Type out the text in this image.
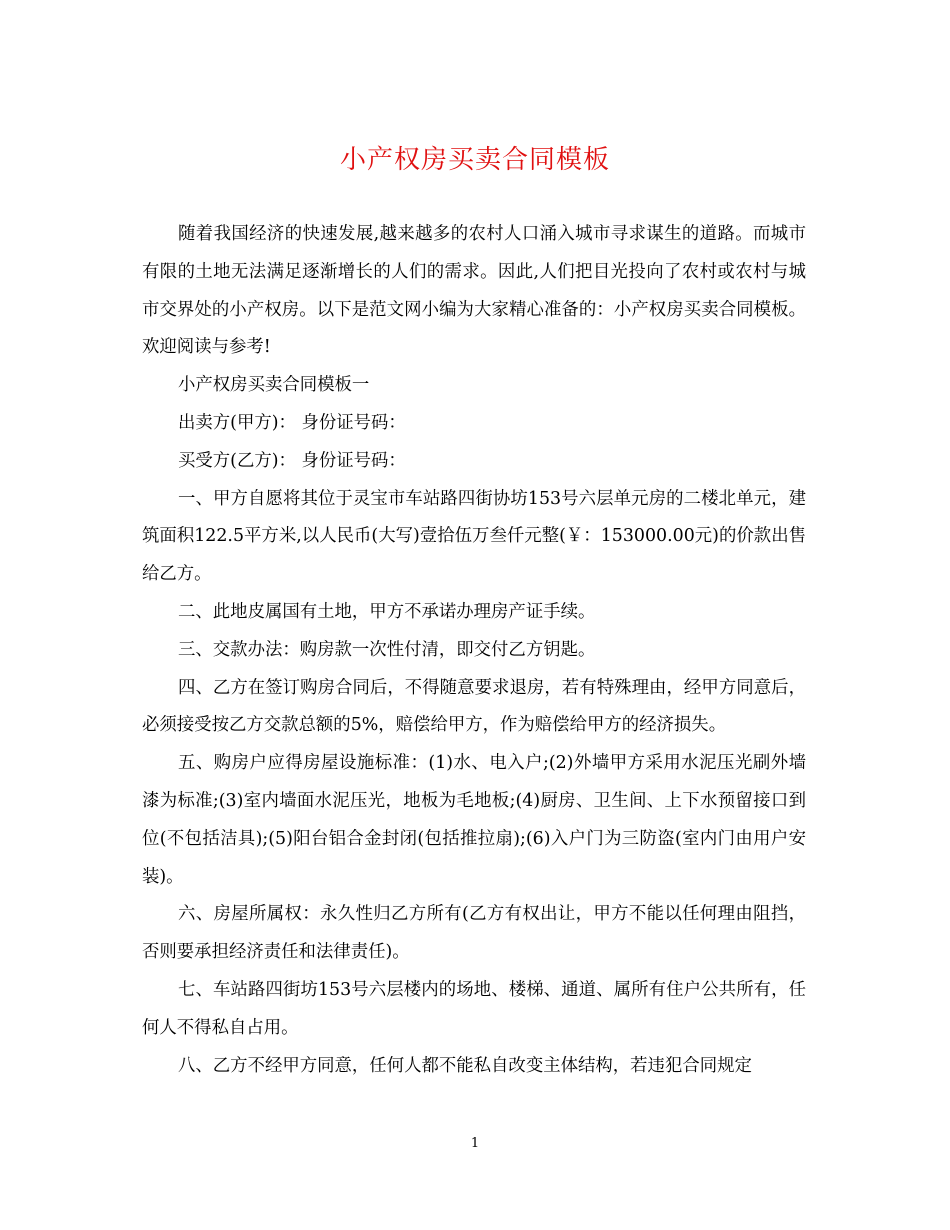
小产权房买卖合同模板

随着我国经济的快速发展,越来越多的农村人口涌入城市寻求谋生的道路。而城市有限的土地无法满足逐渐增长的人们的需求。因此,人们把目光投向了农村或农村与城市交界处的小产权房。以下是范文网小编为大家精心准备的：小产权房买卖合同模板。欢迎阅读与参考!

小产权房买卖合同模板一

出卖方(甲方)： 身份证号码：

买受方(乙方)： 身份证号码：

一、甲方自愿将其位于灵宝市车站路四街协坊153号六层单元房的二楼北单元，建筑面积122.5平方米,以人民币(大写)壹拾伍万叁仟元整(￥：153000.00元)的价款出售给乙方。

二、此地皮属国有土地，甲方不承诺办理房产证手续。

三、交款办法：购房款一次性付清，即交付乙方钥匙。

四、乙方在签订购房合同后，不得随意要求退房，若有特殊理由，经甲方同意后，必须接受按乙方交款总额的5%，赔偿给甲方，作为赔偿给甲方的经济损失。

五、购房户应得房屋设施标准：(1)水、电入户;(2)外墙甲方采用水泥压光刷外墙漆为标准;(3)室内墙面水泥压光，地板为毛地板;(4)厨房、卫生间、上下水预留接口到位(不包括洁具);(5)阳台铝合金封闭(包括推拉扇);(6)入户门为三防盗(室内门由用户安装)。

六、房屋所属权：永久性归乙方所有(乙方有权出让，甲方不能以任何理由阻挡，否则要承担经济责任和法律责任)。

七、车站路四街坊153号六层楼内的场地、楼梯、通道、属所有住户公共所有，任何人不得私自占用。

八、乙方不经甲方同意，任何人都不能私自改变主体结构，若违犯合同规定

1
